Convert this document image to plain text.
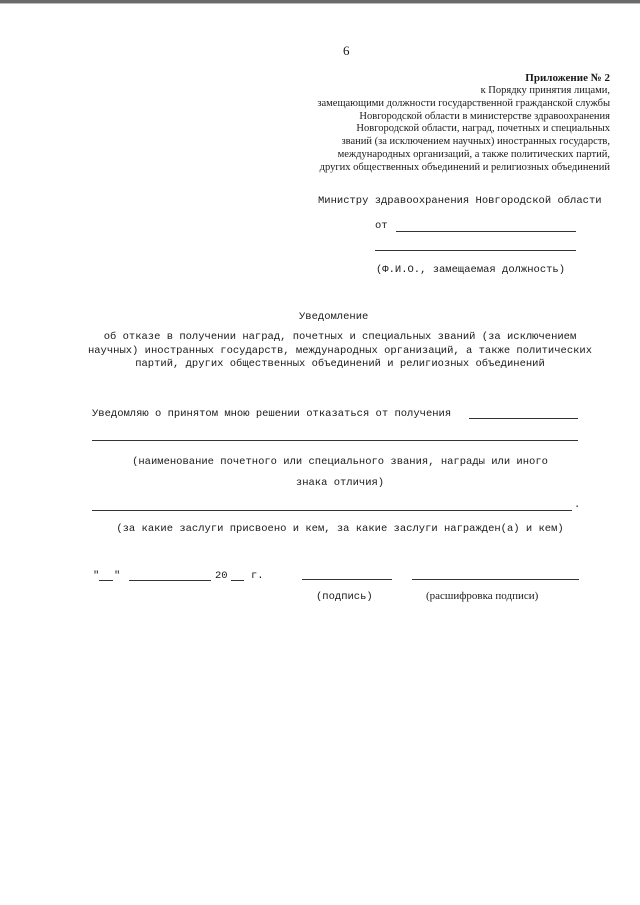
6
Приложение № 2
к Порядку принятия лицами,
замещающими должности государственной гражданской службы
Новгородской области в министерстве здравоохранения
Новгородской области, наград, почетных и специальных
званий (за исключением научных) иностранных государств,
международных организаций, а также политических партий,
других общественных объединений и религиозных объединений
Министру здравоохранения Новгородской области
от
(Ф.И.О., замещаемая должность)
Уведомление
об отказе в получении наград, почетных и специальных званий (за исключением
научных) иностранных государств, международных организаций, а также политических
партий, других общественных объединений и религиозных объединений
Уведомляю о принятом мною решении отказаться от получения
(наименование почетного или специального звания, награды или иного
знака отличия)
.
(за какие заслуги присвоено и кем, за какие заслуги награжден(а) и кем)
" "	20 г.
(подпись)	(расшифровка подписи)
